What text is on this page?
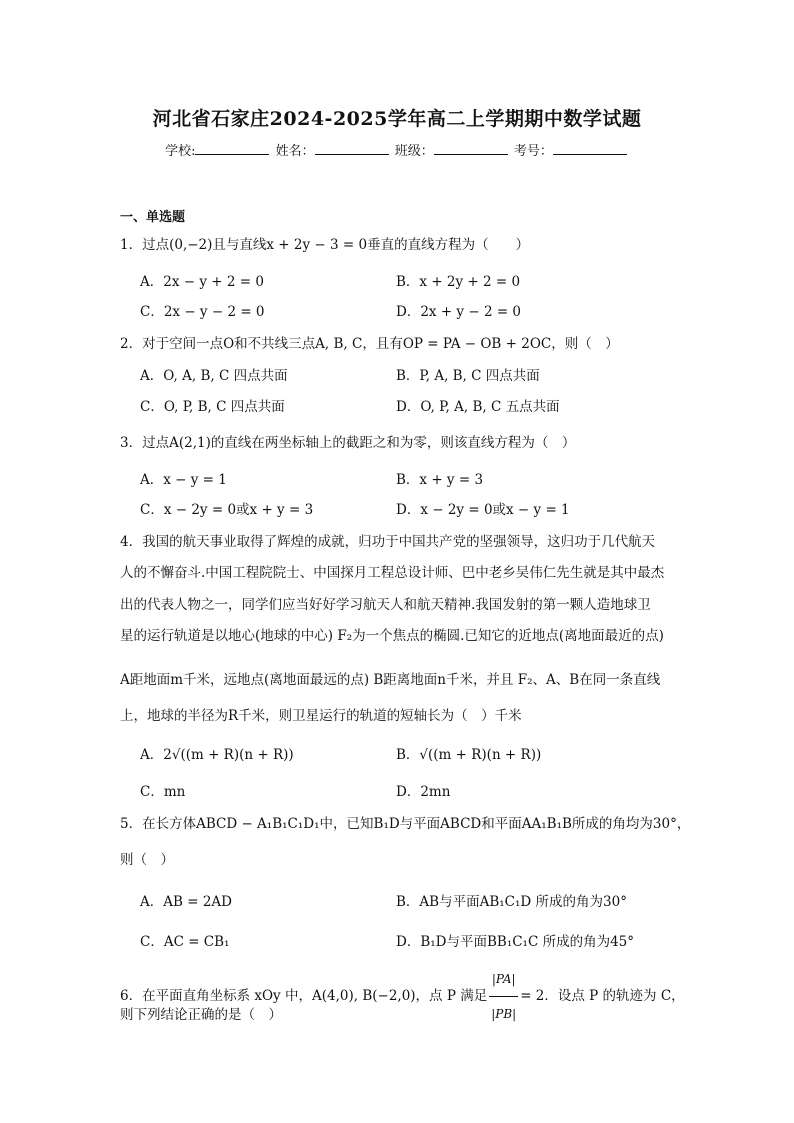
河北省石家庄2024-2025学年高二上学期期中数学试题
学校:	姓名：	班级：	考号：
一、单选题
1．过点(0,−2)且与直线x + 2y − 3 = 0垂直的直线方程为（　　）
A．2x − y + 2 = 0	B．x + 2y + 2 = 0
C．2x − y − 2 = 0	D．2x + y − 2 = 0
2．对于空间一点O和不共线三点A, B, C，且有OP = PA − OB + 2OC，则（　）
A．O, A, B, C 四点共面	B．P, A, B, C 四点共面
C．O, P, B, C 四点共面	D．O, P, A, B, C 五点共面
3．过点A(2,1)的直线在两坐标轴上的截距之和为零，则该直线方程为（　）
A．x − y = 1	B．x + y = 3
C．x − 2y = 0或x + y = 3	D．x − 2y = 0或x − y = 1
4．我国的航天事业取得了辉煌的成就，归功于中国共产党的坚强领导，这归功于几代航天
人的不懈奋斗.中国工程院院士、中国探月工程总设计师、巴中老乡吴伟仁先生就是其中最杰
出的代表人物之一，同学们应当好好学习航天人和航天精神.我国发射的第一颗人造地球卫
星的运行轨道是以地心(地球的中心) F₂为一个焦点的椭圆.已知它的近地点(离地面最近的点)
A距地面m千米，远地点(离地面最远的点) B距离地面n千米，并且 F₂、A、B在同一条直线
上，地球的半径为R千米，则卫星运行的轨道的短轴长为（　）千米
A．2√((m + R)(n + R))	B．√((m + R)(n + R))
C．mn	D．2mn
5．在长方体ABCD − A₁B₁C₁D₁中，已知B₁D与平面ABCD和平面AA₁B₁B所成的角均为30°，
则（　）
A．AB = 2AD	B．AB与平面AB₁C₁D 所成的角为30°
C．AC = CB₁	D．B₁D与平面BB₁C₁C 所成的角为45°
6．在平面直角坐标系 xOy 中，A(4,0), B(−2,0)，点 P 满足 $\frac{|PA|}{|PB|} = 2$．设点 P 的轨迹为 C，
则下列结论正确的是（　）
